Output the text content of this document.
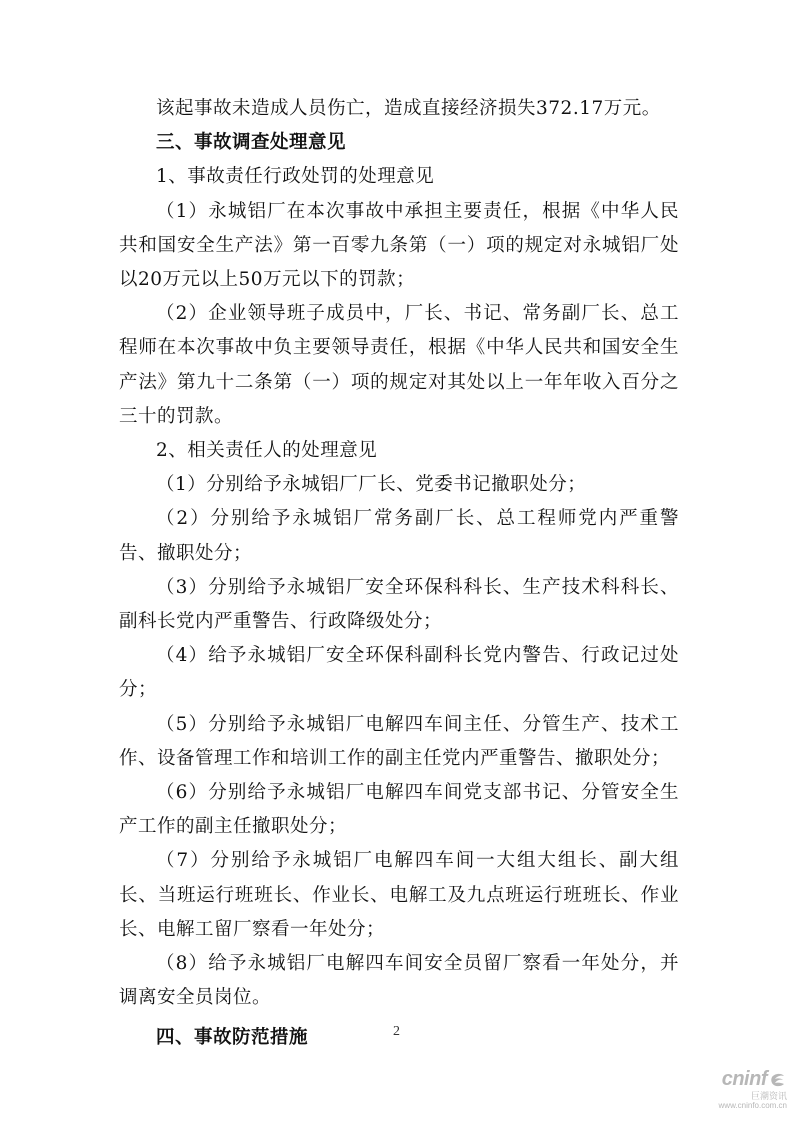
该起事故未造成人员伤亡，造成直接经济损失372.17万元。

三、事故调查处理意见

1、事故责任行政处罚的处理意见

（1）永城铝厂在本次事故中承担主要责任，根据《中华人民共和国安全生产法》第一百零九条第（一）项的规定对永城铝厂处以20万元以上50万元以下的罚款；

（2）企业领导班子成员中，厂长、书记、常务副厂长、总工程师在本次事故中负主要领导责任，根据《中华人民共和国安全生产法》第九十二条第（一）项的规定对其处以上一年年收入百分之三十的罚款。

2、相关责任人的处理意见

（1）分别给予永城铝厂厂长、党委书记撤职处分；

（2）分别给予永城铝厂常务副厂长、总工程师党内严重警告、撤职处分；

（3）分别给予永城铝厂安全环保科科长、生产技术科科长、副科长党内严重警告、行政降级处分；

（4）给予永城铝厂安全环保科副科长党内警告、行政记过处分；

（5）分别给予永城铝厂电解四车间主任、分管生产、技术工作、设备管理工作和培训工作的副主任党内严重警告、撤职处分；

（6）分别给予永城铝厂电解四车间党支部书记、分管安全生产工作的副主任撤职处分；

（7）分别给予永城铝厂电解四车间一大组大组长、副大组长、当班运行班班长、作业长、电解工及九点班运行班班长、作业长、电解工留厂察看一年处分；

（8）给予永城铝厂电解四车间安全员留厂察看一年处分，并调离安全员岗位。

四、事故防范措施	2
cninf
巨潮资讯
www.cninfo.com.cn
